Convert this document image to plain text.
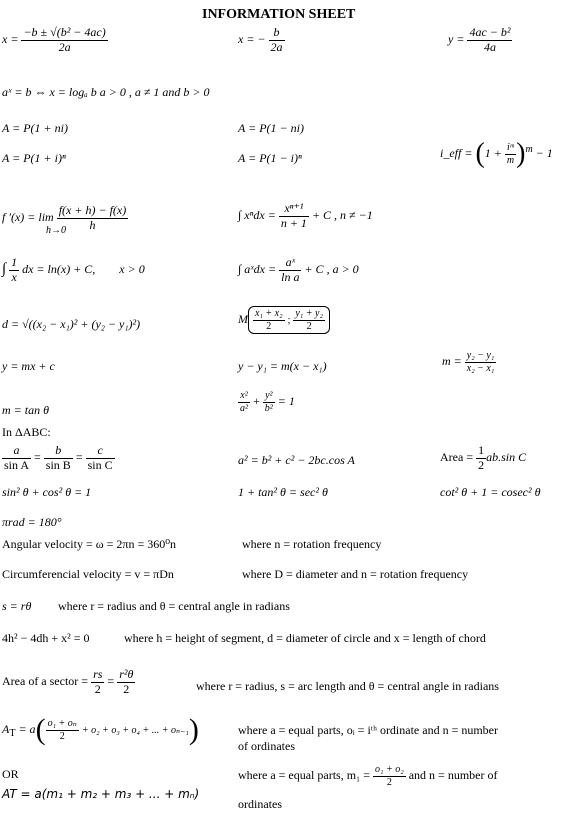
INFORMATION SHEET
$x = \frac{\text{−b ± √(b² − 4ac)}}{2a}$	x = − $\frac{b}{2a}$	$y = \frac{\text{4ac − b²}}{4a}$
aˣ = b ⇔ x = logₐ b a > 0 , a ≠ 1 and b > 0
A = P(1 + ni)	A = P(1 − ni)
A = P(1 + i)ⁿ	A = P(1 − i)ⁿ	i_eff = $(1 + \frac{\text{iᵐ}}{m} )^m - 1$
f $'(x) = \lim \frac{f(x + h) - f(x)}{h}$
h→0
∫ $x^ndx = \frac{\text{xⁿ⁺¹}}{n + 1} + C$ , n ≠ −1
∫ $\frac{1}{x}$ dx = ln(x) + C, x > 0	∫ aˣdx = $\frac{\text{aˣ}}{\text{ln a}} + C$ , a > 0
d = √((x₂ − x₁)² + (y₂ − y₁)²)	M $\frac{\text{x₁ + x₂}}{2}$ ; $\frac{\text{y₁ + y₂}}{2}$
y = mx + c	y − y₁ = m(x − x₁)	$m = \frac{\text{y₂ − y₁}}{\text{x₂ − x₁}}$
m = tan θ	$\frac{\text{x²}}{\text{a²}} + \frac{\text{y²}}{\text{b²}} = 1$
In ΔABC:
$\frac{a}{\text{sin A}} = \frac{b}{\text{sin B}} = \frac{c}{\text{sin C}}$	a² = b² + c² − 2bc.cos A	Area = $\frac{1}{2} ab.\sin$ C
sin² θ + cos² θ = 1	1 + tan² θ = sec² θ	cot² θ + 1 = cosec² θ
πrad = 180°
Angular velocity = ω = 2πn = 360⁰n	where n = rotation frequency
Circumferencial velocity = v = πDn	where D = diameter and n = rotation frequency
s = rθ where r = radius and θ = central angle in radians
4h² − 4dh + x² = 0	where h = height of segment, d = diameter of circle and x = length of chord
Area of a sector = $\frac{rs}{2} = \frac{\text{r²θ}}{2}$	where r = radius, s = arc length and θ = central angle in radians
$A_T = a( \frac{\text{o₁ + oₙ}}{2} + o_2 + o_3 + o_4$ + ... + oₙ₋₁)	where a = equal parts, oᵢ = iᵗʰ ordinate and n = number
of ordinates
OR
AT = a(m₁ + m₂ + m₃ + ... + mₙ)
where a = equal parts, $m_1 = \frac{\text{o₁ + o₂}}{2}$ and n = number of
ordinates
